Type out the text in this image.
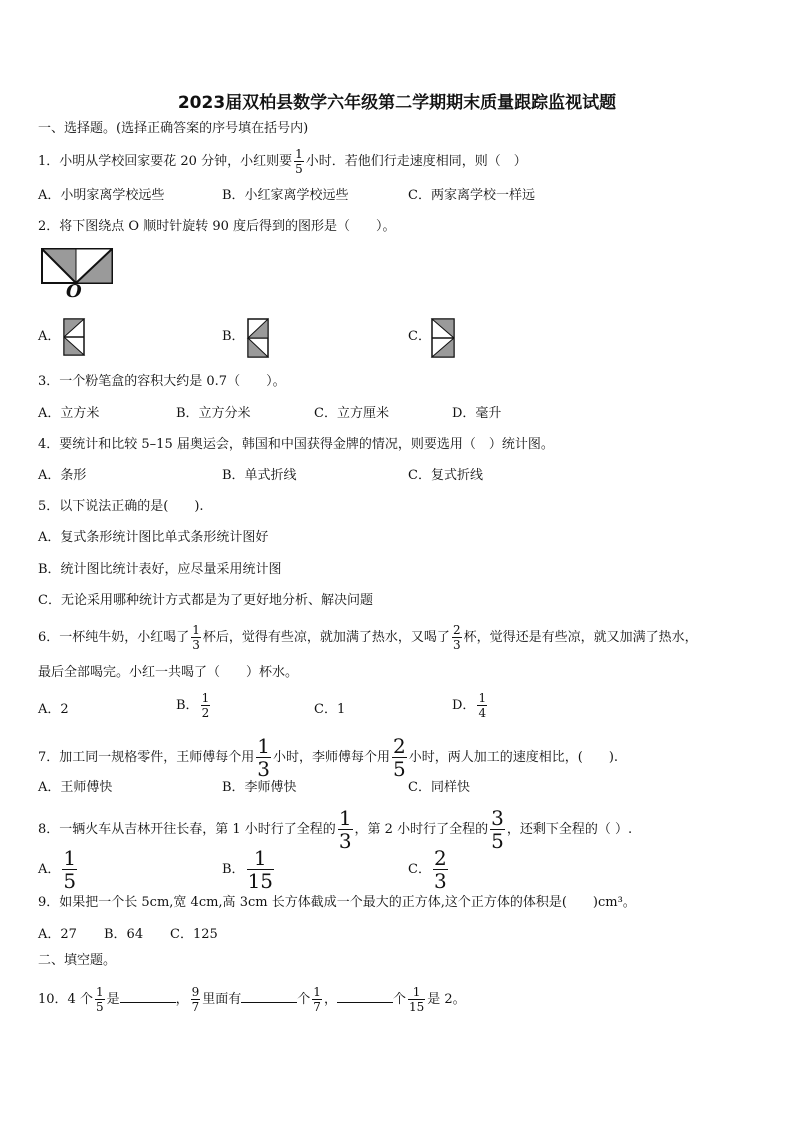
2023届双柏县数学六年级第二学期期末质量跟踪监视试题
一、选择题。(选择正确答案的序号填在括号内)
1．小明从学校回家要花 20 分钟，小红则要 $\frac{1}{5}$ 小时．若他们行走速度相同，则（　）
A．小明家离学校远些	B．小红家离学校远些	C．两家离学校一样远
2．将下图绕点 O 顺时针旋转 90 度后得到的图形是（　　）。
O
A．	B．	C．
3．一个粉笔盒的容积大约是 0.7（　　）。
A．立方米	B．立方分米	C．立方厘米	D．毫升
4．要统计和比较 5–15 届奥运会，韩国和中国获得金牌的情况，则要选用（　）统计图。
A．条形	B．单式折线	C．复式折线
5．以下说法正确的是(　　).
A．复式条形统计图比单式条形统计图好
B．统计图比统计表好，应尽量采用统计图
C．无论采用哪种统计方式都是为了更好地分析、解决问题
6．一杯纯牛奶，小红喝了 $\frac{1}{3}$ 杯后，觉得有些凉，就加满了热水，又喝了 $\frac{2}{3}$ 杯，觉得还是有些凉，就又加满了热水，
最后全部喝完。小红一共喝了（　　）杯水。
A．2	B． $\frac{1}{2}$	C．1	D． $\frac{1}{4}$
7．加工同一规格零件，王师傅每个用 $\frac{1}{3}$ 小时，李师傅每个用 $\frac{2}{5}$ 小时，两人加工的速度相比，(　　).
A．王师傅快	B．李师傅快	C．同样快
8．一辆火车从吉林开往长春，第 1 小时行了全程的 $\frac{1}{3}$ ，第 2 小时行了全程的 $\frac{3}{5}$ ，还剩下全程的（ ）.
A． $\frac{1}{5}$	B． $\frac{1}{15}$	C． $\frac{2}{3}$
9．如果把一个长 5cm,宽 4cm,高 3cm 长方体截成一个最大的正方体,这个正方体的体积是(　　)cm³。
A．27 B．64 C．125
二、填空题。
10．4 个 $\frac{1}{5}$ 是	， $\frac{9}{7}$ 里面有	个 $\frac{1}{7}$ ，	个 $\frac{1}{15}$ 是 2。
